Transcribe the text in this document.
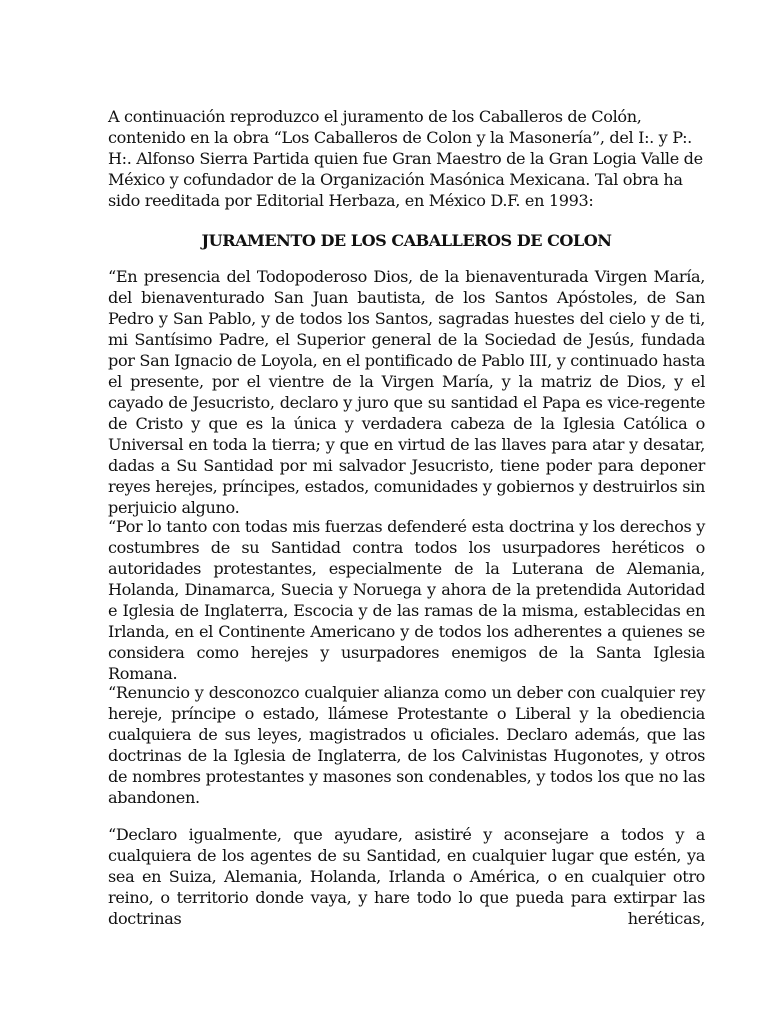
A continuación reproduzco el juramento de los Caballeros de Colón, contenido en la obra “Los Caballeros de Colon y la Masonería”, del I:. y P:. H:. Alfonso Sierra Partida quien fue Gran Maestro de la Gran Logia Valle de México y cofundador de la Organización Masónica Mexicana. Tal obra ha sido reeditada por Editorial Herbaza, en México D.F. en 1993:

JURAMENTO DE LOS CABALLEROS DE COLON

“En presencia del Todopoderoso Dios, de la bienaventurada Virgen María, del bienaventurado San Juan bautista, de los Santos Apóstoles, de San Pedro y San Pablo, y de todos los Santos, sagradas huestes del cielo y de ti, mi Santísimo Padre, el Superior general de la Sociedad de Jesús, fundada por San Ignacio de Loyola, en el pontificado de Pablo III, y continuado hasta el presente, por el vientre de la Virgen María, y la matriz de Dios, y el cayado de Jesucristo, declaro y juro que su santidad el Papa es vice-regente de Cristo y que es la única y verdadera cabeza de la Iglesia Católica o Universal en toda la tierra; y que en virtud de las llaves para atar y desatar, dadas a Su Santidad por mi salvador Jesucristo, tiene poder para deponer reyes herejes, príncipes, estados, comunidades y gobiernos y destruirlos sin perjuicio alguno.

“Por lo tanto con todas mis fuerzas defenderé esta doctrina y los derechos y costumbres de su Santidad contra todos los usurpadores heréticos o autoridades protestantes, especialmente de la Luterana de Alemania, Holanda, Dinamarca, Suecia y Noruega y ahora de la pretendida Autoridad e Iglesia de Inglaterra, Escocia y de las ramas de la misma, establecidas en Irlanda, en el Continente Americano y de todos los adherentes a quienes se considera como herejes y usurpadores enemigos de la Santa Iglesia Romana.

“Renuncio y desconozco cualquier alianza como un deber con cualquier rey hereje, príncipe o estado, llámese Protestante o Liberal y la obediencia cualquiera de sus leyes, magistrados u oficiales. Declaro además, que las doctrinas de la Iglesia de Inglaterra, de los Calvinistas Hugonotes, y otros de nombres protestantes y masones son condenables, y todos los que no las abandonen.

“Declaro igualmente, que ayudare, asistiré y aconsejare a todos y a cualquiera de los agentes de su Santidad, en cualquier lugar que estén, ya sea en Suiza, Alemania, Holanda, Irlanda o América, o en cualquier otro reino, o territorio donde vaya, y hare todo lo que pueda para extirpar las doctrinas heréticas,
